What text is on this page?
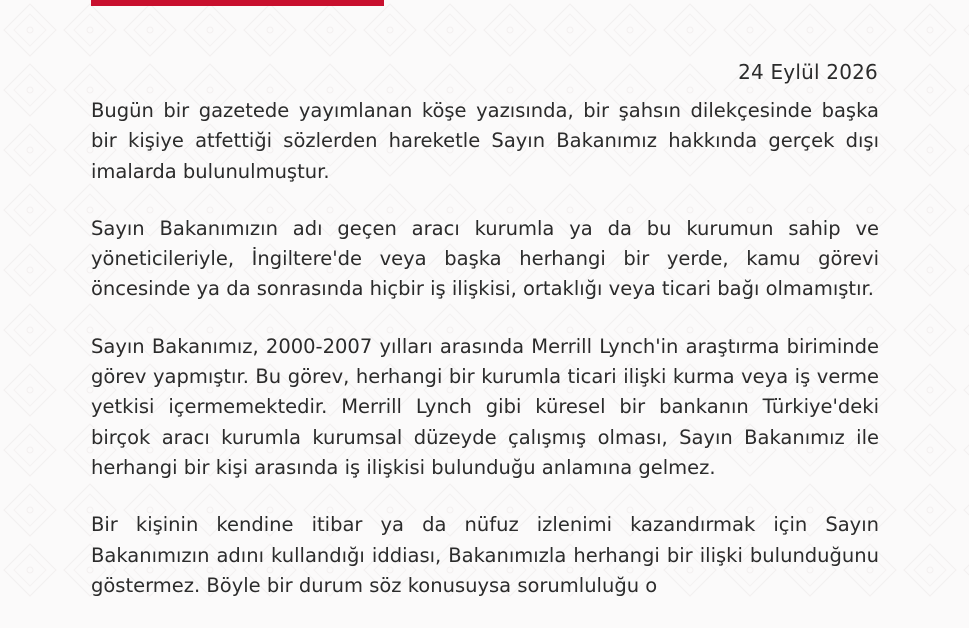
24 Eylül 2026

Bugün bir gazetede yayımlanan köşe yazısında, bir şahsın dilekçesinde başka bir kişiye atfettiği sözlerden hareketle Sayın Bakanımız hakkında gerçek dışı imalarda bulunulmuştur.

Sayın Bakanımızın adı geçen aracı kurumla ya da bu kurumun sahip ve yöneticileriyle, İngiltere'de veya başka herhangi bir yerde, kamu görevi öncesinde ya da sonrasında hiçbir iş ilişkisi, ortaklığı veya ticari bağı olmamıştır.

Sayın Bakanımız, 2000-2007 yılları arasında Merrill Lynch'in araştırma biriminde görev yapmıştır. Bu görev, herhangi bir kurumla ticari ilişki kurma veya iş verme yetkisi içermemektedir. Merrill Lynch gibi küresel bir bankanın Türkiye'deki birçok aracı kurumla kurumsal düzeyde çalışmış olması, Sayın Bakanımız ile herhangi bir kişi arasında iş ilişkisi bulunduğu anlamına gelmez.

Bir kişinin kendine itibar ya da nüfuz izlenimi kazandırmak için Sayın Bakanımızın adını kullandığı iddiası, Bakanımızla herhangi bir ilişki bulunduğunu göstermez. Böyle bir durum söz konusuysa sorumluluğu o
